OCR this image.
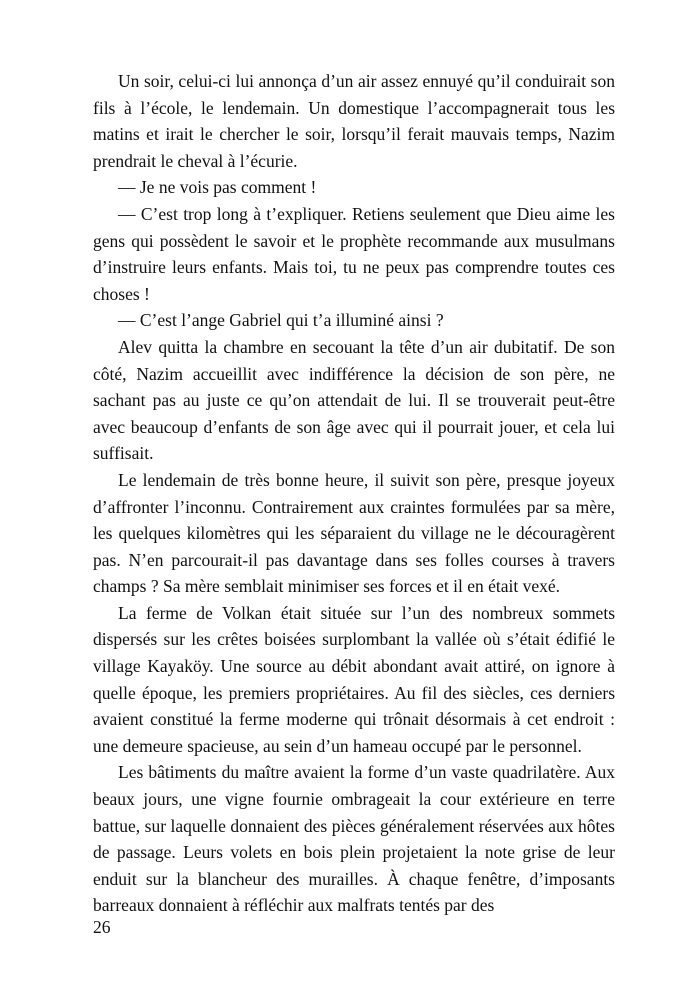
Un soir, celui-ci lui annonça d’un air assez ennuyé qu’il conduirait son fils à l’école, le lendemain. Un domestique l’accompagnerait tous les matins et irait le chercher le soir, lorsqu’il ferait mauvais temps, Nazim prendrait le cheval à l’écurie.

— Je ne vois pas comment !

— C’est trop long à t’expliquer. Retiens seulement que Dieu aime les gens qui possèdent le savoir et le prophète recommande aux musulmans d’instruire leurs enfants. Mais toi, tu ne peux pas comprendre toutes ces choses !

— C’est l’ange Gabriel qui t’a illuminé ainsi ?

Alev quitta la chambre en secouant la tête d’un air dubitatif. De son côté, Nazim accueillit avec indifférence la décision de son père, ne sachant pas au juste ce qu’on attendait de lui. Il se trouverait peut-être avec beaucoup d’enfants de son âge avec qui il pourrait jouer, et cela lui suffisait.

Le lendemain de très bonne heure, il suivit son père, presque joyeux d’affronter l’inconnu. Contrairement aux craintes formulées par sa mère, les quelques kilomètres qui les séparaient du village ne le découragèrent pas. N’en parcourait-il pas davantage dans ses folles courses à travers champs ? Sa mère semblait minimiser ses forces et il en était vexé.

La ferme de Volkan était située sur l’un des nombreux sommets dispersés sur les crêtes boisées surplombant la vallée où s’était édifié le village Kayaköy. Une source au débit abondant avait attiré, on ignore à quelle époque, les premiers propriétaires. Au fil des siècles, ces derniers avaient constitué la ferme moderne qui trônait désormais à cet endroit : une demeure spacieuse, au sein d’un hameau occupé par le personnel.

Les bâtiments du maître avaient la forme d’un vaste quadrilatère. Aux beaux jours, une vigne fournie ombrageait la cour extérieure en terre battue, sur laquelle donnaient des pièces généralement réservées aux hôtes de passage. Leurs volets en bois plein projetaient la note grise de leur enduit sur la blancheur des murailles. À chaque fenêtre, d’imposants barreaux donnaient à réfléchir aux malfrats tentés par des

26
